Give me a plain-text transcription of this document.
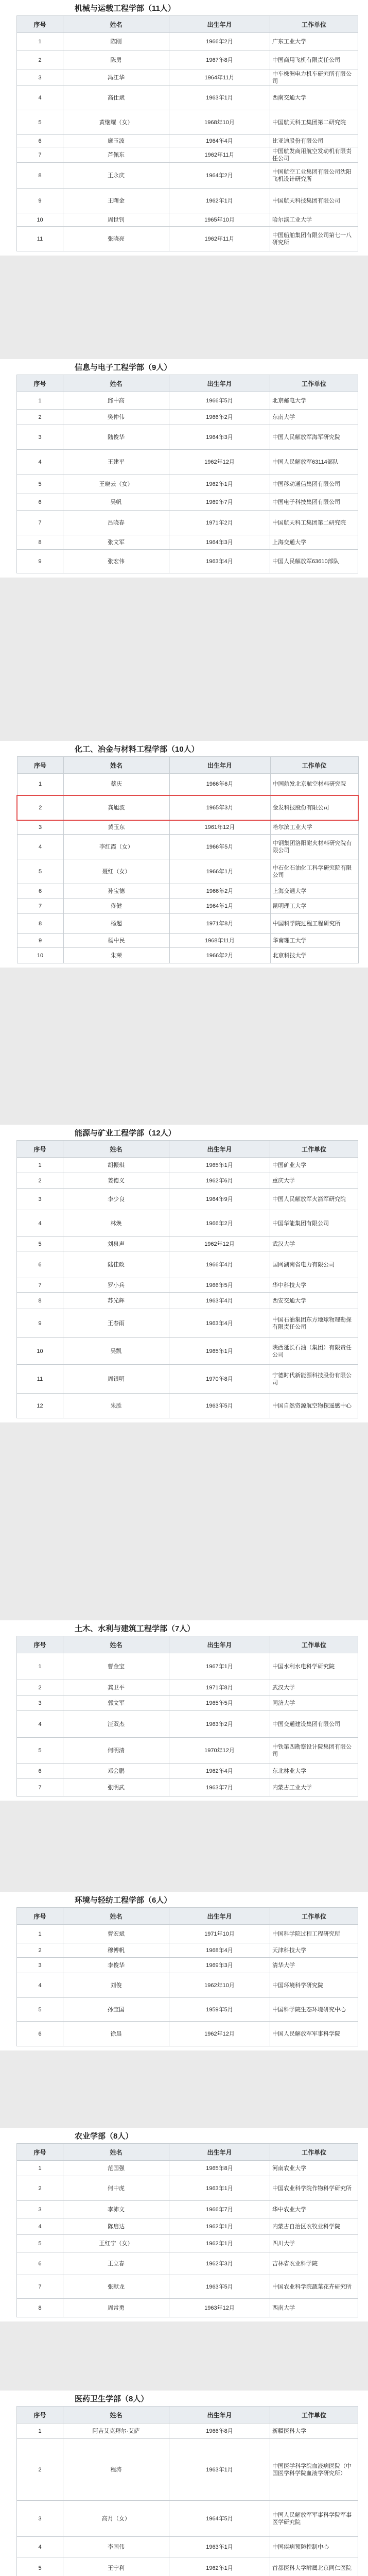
机械与运载工程学部（11人）
序号	姓名	出生年月	工作单位
1	陈刚	1966年2月	广东工业大学
2	陈勇	1967年8月	中国商用飞机有限责任公司
3	冯江华	1964年11月	中车株洲电力机车研究所有限公司
4	高仕斌	1963年1月	西南交通大学
5	黄继耀（女）	1968年10月	中国航天科工集团第二研究院
6	廉玉波	1964年4月	比亚迪股份有限公司
7	芦佩东	1962年11月	中国航发商用航空发动机有限责任公司
8	王永庆	1964年2月	中国航空工业集团有限公司沈阳飞机设计研究所
9	王曙金	1962年1月	中国航天科技集团有限公司
10	周世钊	1965年10月	哈尔滨工业大学
11	张晓亮	1962年11月	中国船舶集团有限公司第七一八研究所
信息与电子工程学部（9人）
序号	姓名	出生年月	工作单位
1	邱中高	1966年5月	北京邮电大学
2	樊仲伟	1966年2月	东南大学
3	陆俊华	1964年3月	中国人民解放军海军研究院
4	王建平	1962年12月	中国人民解放军63114部队
5	王晓云（女）	1962年1月	中国移动通信集团有限公司
6	吴帆	1969年7月	中国电子科技集团有限公司
7	吕晓春	1971年2月	中国航天科工集团第二研究院
8	张文军	1964年3月	上海交通大学
9	张宏伟	1963年4月	中国人民解放军63610部队
化工、冶金与材料工程学部（10人）
序号	姓名	出生年月	工作单位
1	蔡庆	1966年6月	中国航发北京航空材料研究院
2	龚旭波	1965年3月	金发科技股份有限公司
3	黄玉东	1961年12月	哈尔滨工业大学
4	李红霞（女）	1966年5月	中钢集团洛阳耐火材料研究院有限公司
5	聂红（女）	1966年1月	中石化石油化工科学研究院有限公司
6	孙宝德	1966年2月	上海交通大学
7	佟健	1964年1月	昆明理工大学
8	杨超	1971年8月	中国科学院过程工程研究所
9	杨中民	1968年11月	华南理工大学
10	朱荣	1966年2月	北京科技大学
能源与矿业工程学部（12人）
序号	姓名	出生年月	工作单位
1	胡振琪	1965年1月	中国矿业大学
2	姜德义	1962年6月	重庆大学
3	李少良	1964年9月	中国人民解放军火箭军研究院
4	林焕	1966年2月	中国华能集团有限公司
5	刘泉声	1962年12月	武汉大学
6	陆佳政	1966年4月	国网湖南省电力有限公司
7	罗小兵	1966年5月	华中科技大学
8	苏光辉	1963年4月	西安交通大学
9	王春雨	1963年4月	中国石油集团东方地球物理勘探有限责任公司
10	吴凯	1965年1月	陕西延长石油（集团）有限责任公司
11	周银明	1970年8月	宁德时代新能源科技股份有限公司
12	朱胜	1963年5月	中国自然资源航空物探遥感中心
土木、水利与建筑工程学部（7人）
序号	姓名	出生年月	工作单位
1	曹金宝	1967年1月	中国水利水电科学研究院
2	龚卫平	1971年8月	武汉大学
3	郭文军	1965年5月	同济大学
4	汪双杰	1963年2月	中国交通建设集团有限公司
5	何明清	1970年12月	中铁第四勘察设计院集团有限公司
6	邓会鹏	1962年4月	东北林业大学
7	张明武	1963年7月	内蒙古工业大学
环境与轻纺工程学部（6人）
序号	姓名	出生年月	工作单位
1	曹宏斌	1971年10月	中国科学院过程工程研究所
2	穆博帆	1968年4月	天津科技大学
3	李俊华	1969年3月	清华大学
4	刘俊	1962年10月	中国环境科学研究院
5	孙宝国	1959年5月	中国科学院生态环境研究中心
6	徐晨	1962年12月	中国人民解放军军事科学院
农业学部（8人）
序号	姓名	出生年月	工作单位
1	范国强	1965年8月	河南农业大学
2	何中虎	1963年1月	中国农业科学院作物科学研究所
3	李沛文	1966年7月	华中农业大学
4	陈启达	1962年1月	内蒙古自治区农牧业科学院
5	王红宁（女）	1962年1月	四川大学
6	王立春	1962年3月	吉林省农业科学院
7	张献龙	1963年5月	中国农业科学院蔬菜花卉研究所
8	周常勇	1963年12月	西南大学
医药卫生学部（8人）
序号	姓名	出生年月	工作单位
1	阿吉艾克拜尔·艾萨	1966年8月	新疆医科大学
2	程涛	1963年1月	中国医学科学院血液病医院（中国医学科学院血液学研究所）
3	高月（女）	1964年5月	中国人民解放军军事科学院军事医学研究院
4	李国伟	1963年1月	中国疾病预防控制中心
5	王宁利	1962年1月	首都医科大学附属北京同仁医院
